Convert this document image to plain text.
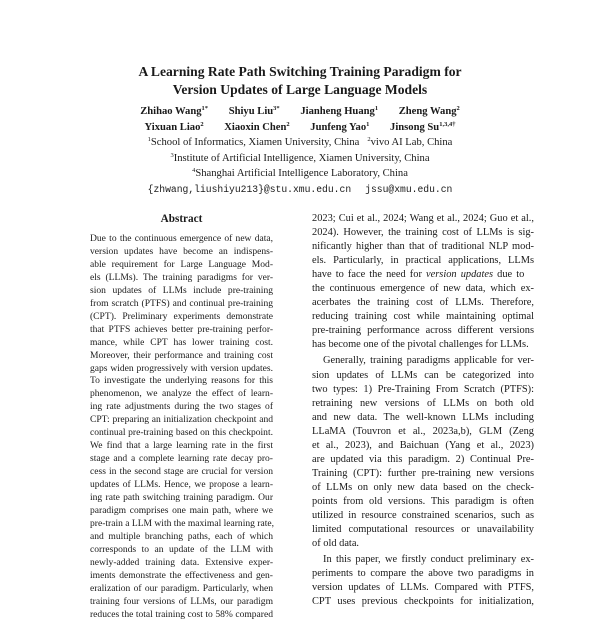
A Learning Rate Path Switching Training Paradigm for
Version Updates of Large Language Models
Zhihao Wang$^{1*}$ Shiyu Liu$^{3*}$ Jianheng Huang$^1$ Zheng Wang$^2$
Yixuan Liao$^2$ Xiaoxin Chen$^2$ Junfeng Yao$^1$ Jinsong $Su^{1,3,4\dagger}$
$^1$School of Informatics, Xiamen University, China $^2$vivo AI Lab, China
$^3$Institute of Artificial Intelligence, Xiamen University, China
$^4$Shanghai Artificial Intelligence Laboratory, China
{zhwang,liushiyu213}@stu.xmu.edu.cn jssu@xmu.edu.cn
Abstract
Due to the continuous emergence of new data,
version updates have become an indispens-
able requirement for Large Language Mod-
els (LLMs). The training paradigms for ver-
sion updates of LLMs include pre-training
from scratch (PTFS) and continual pre-training
(CPT). Preliminary experiments demonstrate
that PTFS achieves better pre-training perfor-
mance, while CPT has lower training cost.
Moreover, their performance and training cost
gaps widen progressively with version updates.
To investigate the underlying reasons for this
phenomenon, we analyze the effect of learn-
ing rate adjustments during the two stages of
CPT: preparing an initialization checkpoint and
continual pre-training based on this checkpoint.
We find that a large learning rate in the first
stage and a complete learning rate decay pro-
cess in the second stage are crucial for version
updates of LLMs. Hence, we propose a learn-
ing rate path switching training paradigm. Our
paradigm comprises one main path, where we
pre-train a LLM with the maximal learning rate,
and multiple branching paths, each of which
corresponds to an update of the LLM with
newly-added training data. Extensive exper-
iments demonstrate the effectiveness and gen-
eralization of our paradigm. Particularly, when
training four versions of LLMs, our paradigm
reduces the total training cost to 58% compared
2023; Cui et al., 2024; Wang et al., 2024; Guo et al.,
2024). However, the training cost of LLMs is sig-
nificantly higher than that of traditional NLP mod-
els. Particularly, in practical applications, LLMs
have to face the need for version updates due to
the continuous emergence of new data, which ex-
acerbates the training cost of LLMs. Therefore,
reducing training cost while maintaining optimal
pre-training performance across different versions
has become one of the pivotal challenges for LLMs.
Generally, training paradigms applicable for ver-
sion updates of LLMs can be categorized into
two types: 1) Pre-Training From Scratch (PTFS):
retraining new versions of LLMs on both old
and new data. The well-known LLMs including
LLaMA (Touvron et al., 2023a,b), GLM (Zeng
et al., 2023), and Baichuan (Yang et al., 2023)
are updated via this paradigm. 2) Continual Pre-
Training (CPT): further pre-training new versions
of LLMs on only new data based on the check-
points from old versions. This paradigm is often
utilized in resource constrained scenarios, such as
limited computational resources or unavailability
of old data.
In this paper, we firstly conduct preliminary ex-
periments to compare the above two paradigms in
version updates of LLMs. Compared with PTFS,
CPT uses previous checkpoints for initialization,
